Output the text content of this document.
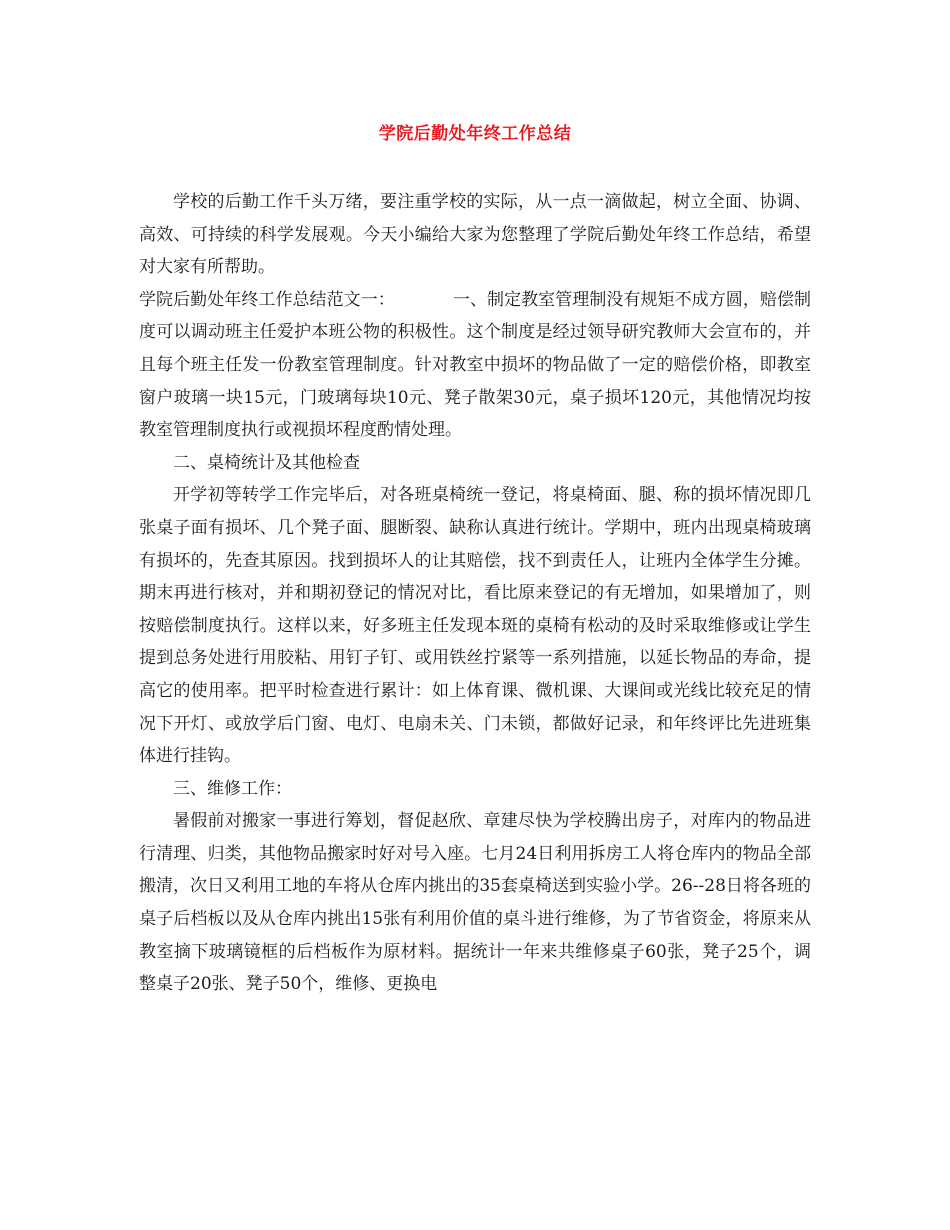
学院后勤处年终工作总结

学校的后勤工作千头万绪，要注重学校的实际，从一点一滴做起，树立全面、协调、高效、可持续的科学发展观。今天小编给大家为您整理了学院后勤处年终工作总结，希望对大家有所帮助。

学院后勤处年终工作总结范文一：	一、制定教室管理制没有规矩不成方圆，赔偿制度可以调动班主任爱护本班公物的积极性。这个制度是经过领导研究教师大会宣布的，并且每个班主任发一份教室管理制度。针对教室中损坏的物品做了一定的赔偿价格，即教室窗户玻璃一块15元，门玻璃每块10元、凳子散架30元，桌子损坏120元，其他情况均按教室管理制度执行或视损坏程度酌情处理。

二、桌椅统计及其他检查

开学初等转学工作完毕后，对各班桌椅统一登记，将桌椅面、腿、称的损坏情况即几张桌子面有损坏、几个凳子面、腿断裂、缺称认真进行统计。学期中，班内出现桌椅玻璃有损坏的，先查其原因。找到损坏人的让其赔偿，找不到责任人，让班内全体学生分摊。期末再进行核对，并和期初登记的情况对比，看比原来登记的有无增加，如果增加了，则按赔偿制度执行。这样以来，好多班主任发现本斑的桌椅有松动的及时采取维修或让学生提到总务处进行用胶粘、用钉子钉、或用铁丝拧紧等一系列措施，以延长物品的寿命，提高它的使用率。把平时检查进行累计：如上体育课、微机课、大课间或光线比较充足的情况下开灯、或放学后门窗、电灯、电扇未关、门未锁，都做好记录，和年终评比先进班集体进行挂钩。

三、维修工作：

暑假前对搬家一事进行筹划，督促赵欣、章建尽快为学校腾出房子，对库内的物品进行清理、归类，其他物品搬家时好对号入座。七月24日利用拆房工人将仓库内的物品全部搬清，次日又利用工地的车将从仓库内挑出的35套桌椅送到实验小学。26--28日将各班的桌子后档板以及从仓库内挑出15张有利用价值的桌斗进行维修，为了节省资金，将原来从教室摘下玻璃镜框的后档板作为原材料。据统计一年来共维修桌子60张，凳子25个，调整桌子20张、凳子50个，维修、更换电
